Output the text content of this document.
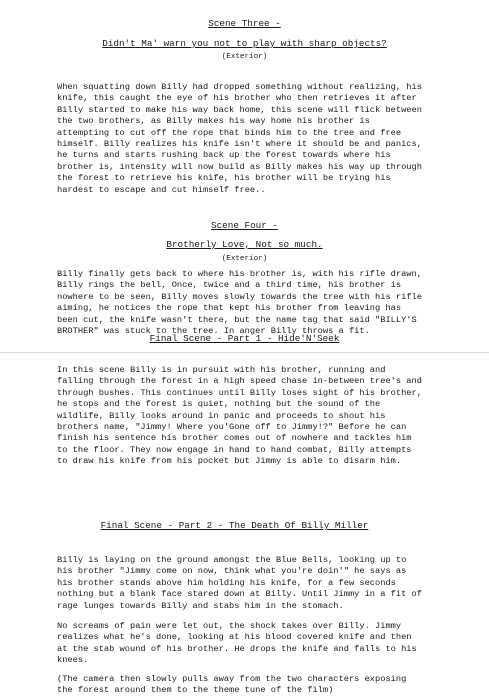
Scene Three -
Didn't Ma' warn you not to play with sharp objects?
(Exterior)
When squatting down Billy had dropped something without realizing, his
knife, this caught the eye of his brother who then retrieves it after
Billy started to make his way back home, this scene will flick between
the two brothers, as Billy makes his way home his brother is
attempting to cut off the rope that binds him to the tree and free
himself. Billy realizes his knife isn't where it should be and panics,
he turns and starts rushing back up the forest towards where his
brother is, intensity will now build as Billy makes his way up through
the forest to retrieve his knife, his brother will be trying his
hardest to escape and cut himself free..
Scene Four -
Brotherly Love, Not so much.
(Exterior)
Billy finally gets back to where his brother is, with his rifle drawn,
Billy rings the bell, Once, twice and a third time, his brother is
nowhere to be seen, Billy moves slowly towards the tree with his rifle
aiming, he notices the rope that kept his brother from leaving has
been cut, the knife wasn't there, but the name tag that said "BILLY'S
BROTHER" was stuck to the tree. In anger Billy throws a fit.
Final Scene - Part 1 - Hide'N'Seek
In this scene Billy is in pursuit with his brother, running and
falling through the forest in a high speed chase in-between tree's and
through bushes. This continues until Billy loses sight of his brother,
he stops and the forest is quiet, nothing but the sound of the
wildlife, Billy looks around in panic and proceeds to shout his
brothers name, "Jimmy! Where you'Gone off to Jimmy!?" Before he can
finish his sentence his brother comes out of nowhere and tackles him
to the floor. They now engage in hand to hand combat, Billy attempts
to draw his knife from his pocket but Jimmy is able to disarm him.
Final Scene - Part 2 - The Death Of Billy Miller
Billy is laying on the ground amongst the Blue Bells, looking up to
his brother "Jimmy come on now, think what you're doin'" he says as
his brother stands above him holding his knife, for a few seconds
nothing but a blank face stared down at Billy. Until Jimmy in a fit of
rage lunges towards Billy and stabs him in the stomach.
No screams of pain were let out, the shock takes over Billy. Jimmy
realizes what he's done, looking at his blood covered knife and then
at the stab wound of his brother. He drops the knife and falls to his
knees.
(The camera then slowly pulls away from the two characters exposing
the forest around them to the theme tune of the film)
